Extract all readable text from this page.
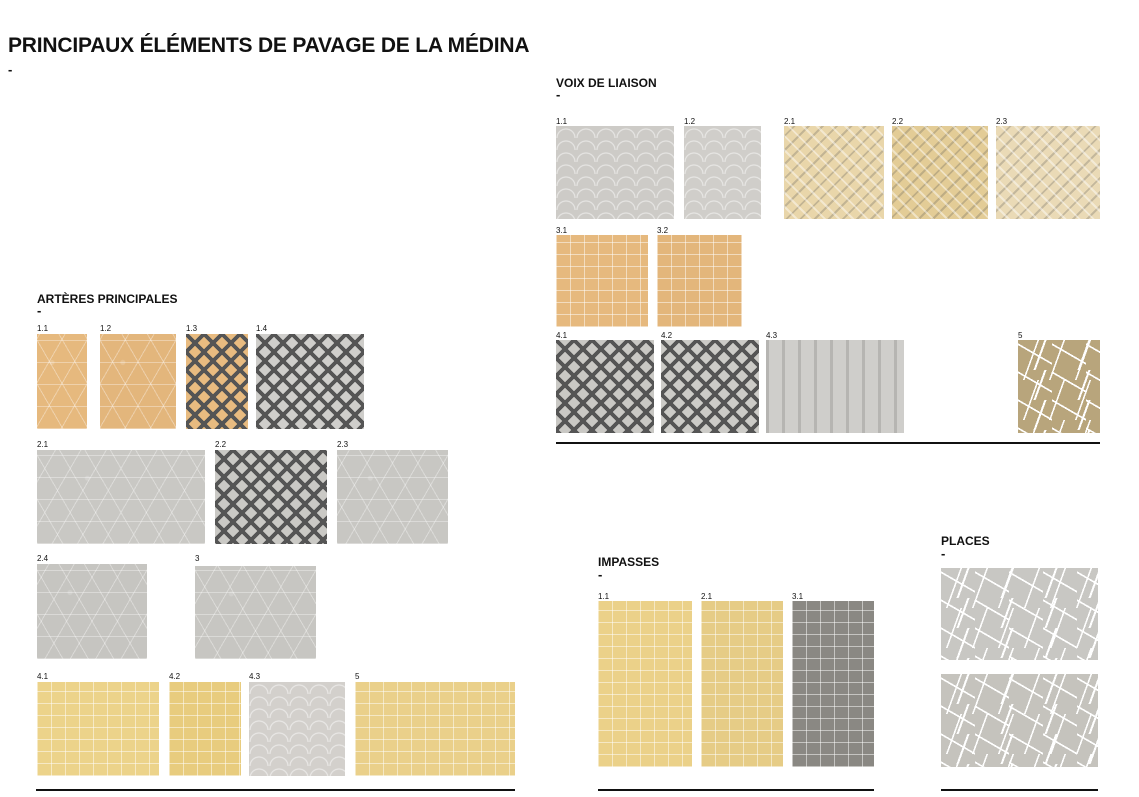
PRINCIPAUX ÉLÉMENTS DE PAVAGE DE LA MÉDINA
-
ARTÈRES PRINCIPALES
-
1.1	1.2	1.3	1.4
2.1	2.2	2.3
2.4	3
4.1	4.2	4.3	5
VOIX DE LIAISON
-
1.1	1.2	2.1	2.2	2.3
3.1	3.2
4.1	4.2	4.3	5
IMPASSES
-
1.1	2.1	3.1
PLACES
-
